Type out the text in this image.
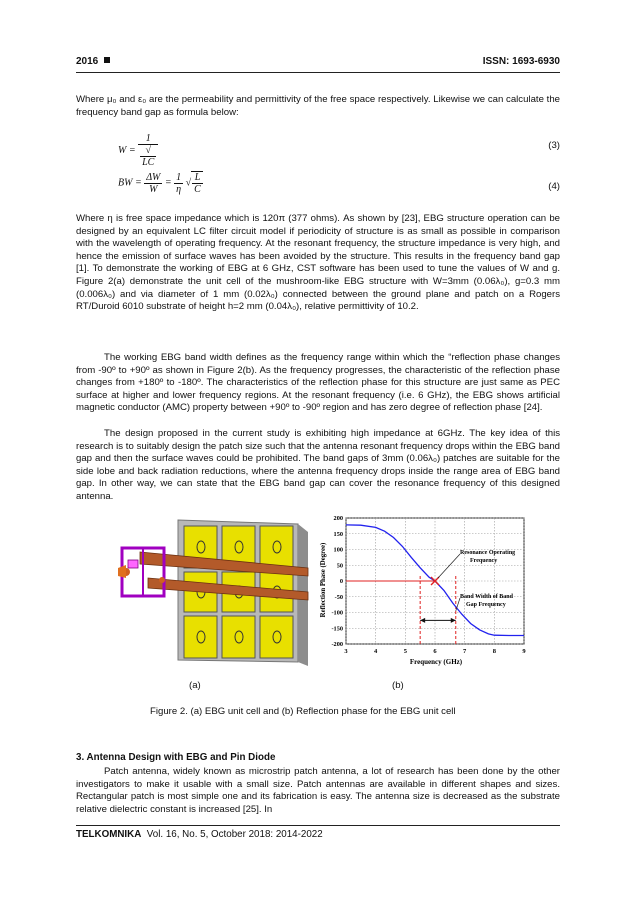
2016	ISSN: 1693-6930

Where μ₀ and ε₀ are the permeability and permittivity of the free space respectively. Likewise we can calculate the frequency band gap as formula below:

W = 1
√
LC	(3)
BW = $\frac{\Delta W}{W} = \frac{1}{\eta}$ √ $\frac{L}{C}$	(4)

Where η is free space impedance which is 120π (377 ohms). As shown by [23], EBG structure operation can be designed by an equivalent LC filter circuit model if periodicity of structure is as small as possible in comparison with the wavelength of operating frequency. At the resonant frequency, the structure impedance is very high, and hence the emission of surface waves has been avoided by the structure. This results in the frequency band gap [1]. To demonstrate the working of EBG at 6 GHz, CST software has been used to tune the values of W and g. Figure 2(a) demonstrate the unit cell of the mushroom-like EBG structure with W=3mm (0.06λ₀), g=0.3 mm (0.006λ₀) and via diameter of 1 mm (0.02λ₀) connected between the ground plane and patch on a Rogers RT/Duroid 6010 substrate of height h=2 mm (0.04λ₀), relative permittivity of 10.2.

The working EBG band width defines as the frequency range within which the “reflection phase changes from -90º to +90º as shown in Figure 2(b). As the frequency progresses, the characteristic of the reflection phase changes from +180º to -180º. The characteristics of the reflection phase for this structure are just same as PEC surface at higher and lower frequency regions. At the resonant frequency (i.e. 6 GHz), the EBG shows artificial magnetic conductor (AMC) property between +90º to -90º region and has zero degree of reflection phase [24].

The design proposed in the current study is exhibiting high impedance at 6GHz. The key idea of this research is to suitably design the patch size such that the antenna resonant frequency drops within the EBG band gap and then the surface waves could be prohibited. The band gaps of 3mm (0.06λ₀) patches are suitable for the side lobe and back radiation reductions, where the antenna frequency drops inside the range area of EBG band gap. In other way, we can state that the EBG band gap can cover the resonance frequency of this designed antenna.

3	4	5	6	7	8	9
200
150
100
50
0
-50
-100
-150
-200
Frequency (GHz)
Reflection Phase (Degree)	Resonance Operating
Frequency
Band Width of Band
Gap Frequency
(a)	(b)
Figure 2. (a) EBG unit cell and (b) Reflection phase for the EBG unit cell
3. Antenna Design with EBG and Pin Diode

Patch antenna, widely known as microstrip patch antenna, a lot of research has been done by the other investigators to make it usable with a small size. Patch antennas are available in different shapes and sizes. Rectangular patch is most simple one and its fabrication is easy. The antenna size is decreased as the substrate relative dielectric constant is increased [25]. In

TELKOMNIKA Vol. 16, No. 5, October 2018: 2014-2022
